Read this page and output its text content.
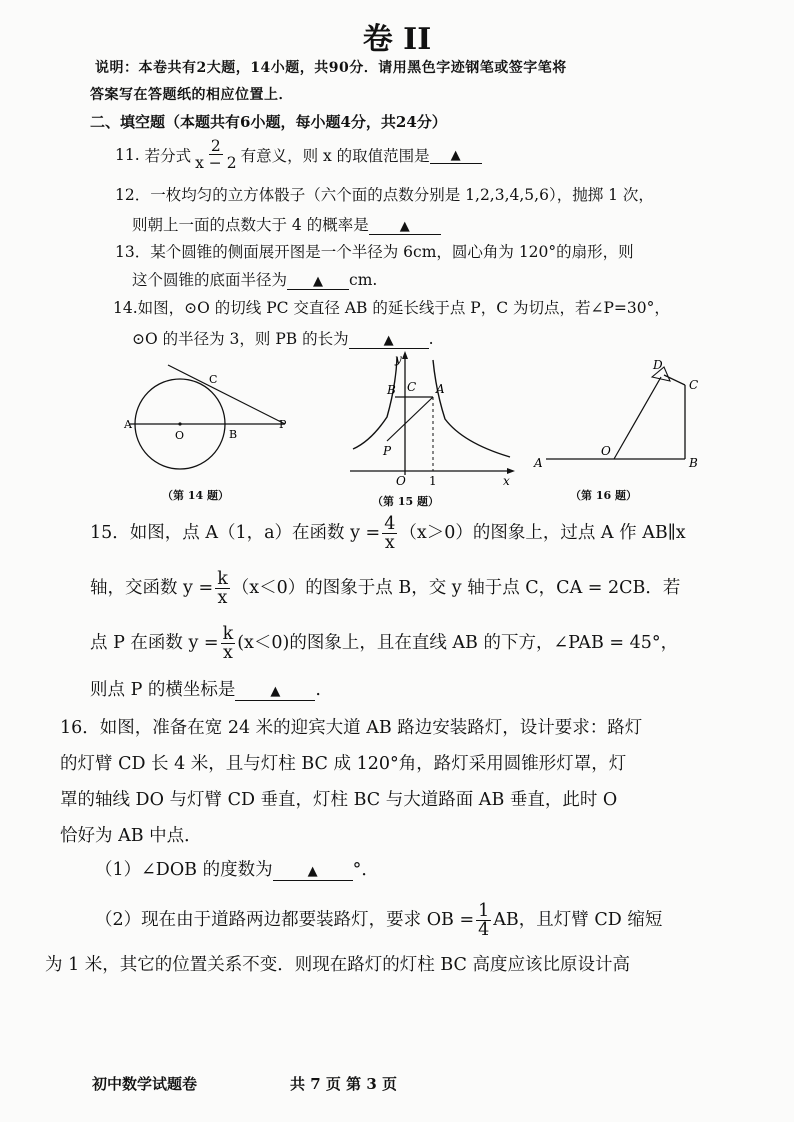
卷 II
说明：本卷共有2大题，14小题，共90分．请用黑色字迹钢笔或签字笔将
答案写在答题纸的相应位置上．
二、填空题（本题共有6小题，每小题4分，共24分）
11.
若分式 $\frac{2}{x - 2}$ 有意义，则 x 的取值范围是	▲
12．一枚均匀的立方体骰子（六个面的点数分别是 1,2,3,4,5,6），抛掷 1 次，
则朝上一面的点数大于 4 的概率是 ▲
13．某个圆锥的侧面展开图是一个半径为 6cm，圆心角为 120°的扇形，则
这个圆锥的底面半径为 ▲ cm.
14.如图，⊙O 的切线 PC 交直径 AB 的延长线于点 P，C 为切点，若∠P=30°，
⊙O 的半径为 3，则 PB 的长为	▲ .
A
O	B
C
P
（第 14 题）
y
x
B C A
P
O 1
（第 15 题）
D
C
O
A	B
（第 16 题）
15．如图，点 A（1，a）在函数 $y = \frac{4}{x} (x>0)$的图象上，过点 A 作 AB∥x
轴，交函数 $y = \frac{k}{x} (x<0)$的图象于点 B，交 y 轴于点 C，CA = 2CB．若
点 P 在函数 $y = \frac{k}{x} (x<0)$的图象上，且在直线 AB 的下方，∠PAB = 45°，
则点 P 的横坐标是	▲ .
16．如图，准备在宽 24 米的迎宾大道 AB 路边安装路灯，设计要求：路灯
的灯臂 CD 长 4 米，且与灯柱 BC 成 120°角，路灯采用圆锥形灯罩，灯
罩的轴线 DO 与灯臂 CD 垂直，灯柱 BC 与大道路面 AB 垂直，此时 O
恰好为 AB 中点．
（1）∠DOB 的度数为	▲ °．
（2）现在由于道路两边都要装路灯，要求 OB = $\frac{1}{4}$ AB，且灯臂 CD 缩短
为 1 米，其它的位置关系不变．则现在路灯的灯柱 BC 高度应该比原设计高
初中数学试题卷	共 7 页 第 3 页
